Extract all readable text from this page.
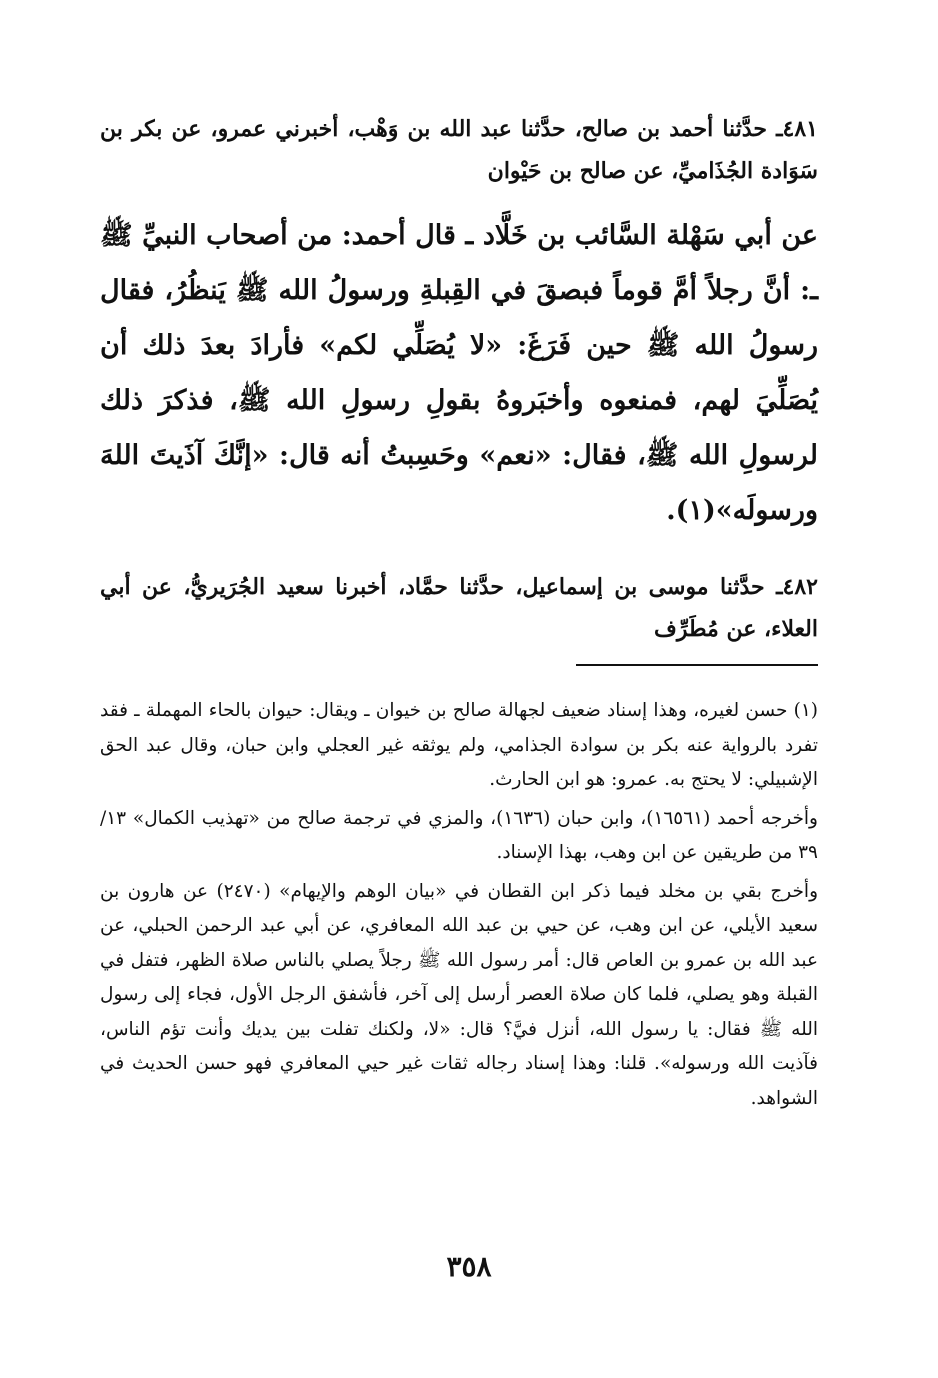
٤٨١ـ حدَّثنا أحمد بن صالح، حدَّثنا عبد الله بن وَهْب، أخبرني عمرو، عن بكر بن سَوَادة الجُذَاميِّ، عن صالح بن حَيْوان

عن أبي سَهْلة السَّائب بن خَلَّاد ـ قال أحمد: من أصحاب النبيِّ ﷺ ـ: أنَّ رجلاً أمَّ قوماً فبصقَ في القِبلةِ ورسولُ الله ﷺ يَنظُرُ، فقال رسولُ الله ﷺ حين فَرَغَ: «لا يُصَلِّي لكم» فأرادَ بعدَ ذلك أن يُصَلِّيَ لهم، فمنعوه وأخبَروهُ بقولِ رسولِ الله ﷺ، فذكرَ ذلك لرسولِ الله ﷺ، فقال: «نعم» وحَسِبتُ أنه قال: «إنَّكَ آذَيتَ اللهَ ورسولَه»(١).

٤٨٢ـ حدَّثنا موسى بن إسماعيل، حدَّثنا حمَّاد، أخبرنا سعيد الجُرَيريُّ، عن أبي العلاء، عن مُطَرِّف

(١) حسن لغيره، وهذا إسناد ضعيف لجهالة صالح بن خيوان ـ ويقال: حيوان بالحاء المهملة ـ فقد تفرد بالرواية عنه بكر بن سوادة الجذامي، ولم يوثقه غير العجلي وابن حبان، وقال عبد الحق الإشبيلي: لا يحتج به. عمرو: هو ابن الحارث.

وأخرجه أحمد (١٦٥٦١)، وابن حبان (١٦٣٦)، والمزي في ترجمة صالح من «تهذيب الكمال» ١٣/ ٣٩ من طريقين عن ابن وهب، بهذا الإسناد.

وأخرج بقي بن مخلد فيما ذكر ابن القطان في «بيان الوهم والإيهام» (٢٤٧٠) عن هارون بن سعيد الأيلي، عن ابن وهب، عن حيي بن عبد الله المعافري، عن أبي عبد الرحمن الحبلي، عن عبد الله بن عمرو بن العاص قال: أمر رسول الله ﷺ رجلاً يصلي بالناس صلاة الظهر، فتفل في القبلة وهو يصلي، فلما كان صلاة العصر أرسل إلى آخر، فأشفق الرجل الأول، فجاء إلى رسول الله ﷺ فقال: يا رسول الله، أنزل فيَّ؟ قال: «لا، ولكنك تفلت بين يديك وأنت تؤم الناس، فآذيت الله ورسوله». قلنا: وهذا إسناد رجاله ثقات غير حيي المعافري فهو حسن الحديث في الشواهد.

٣٥٨
